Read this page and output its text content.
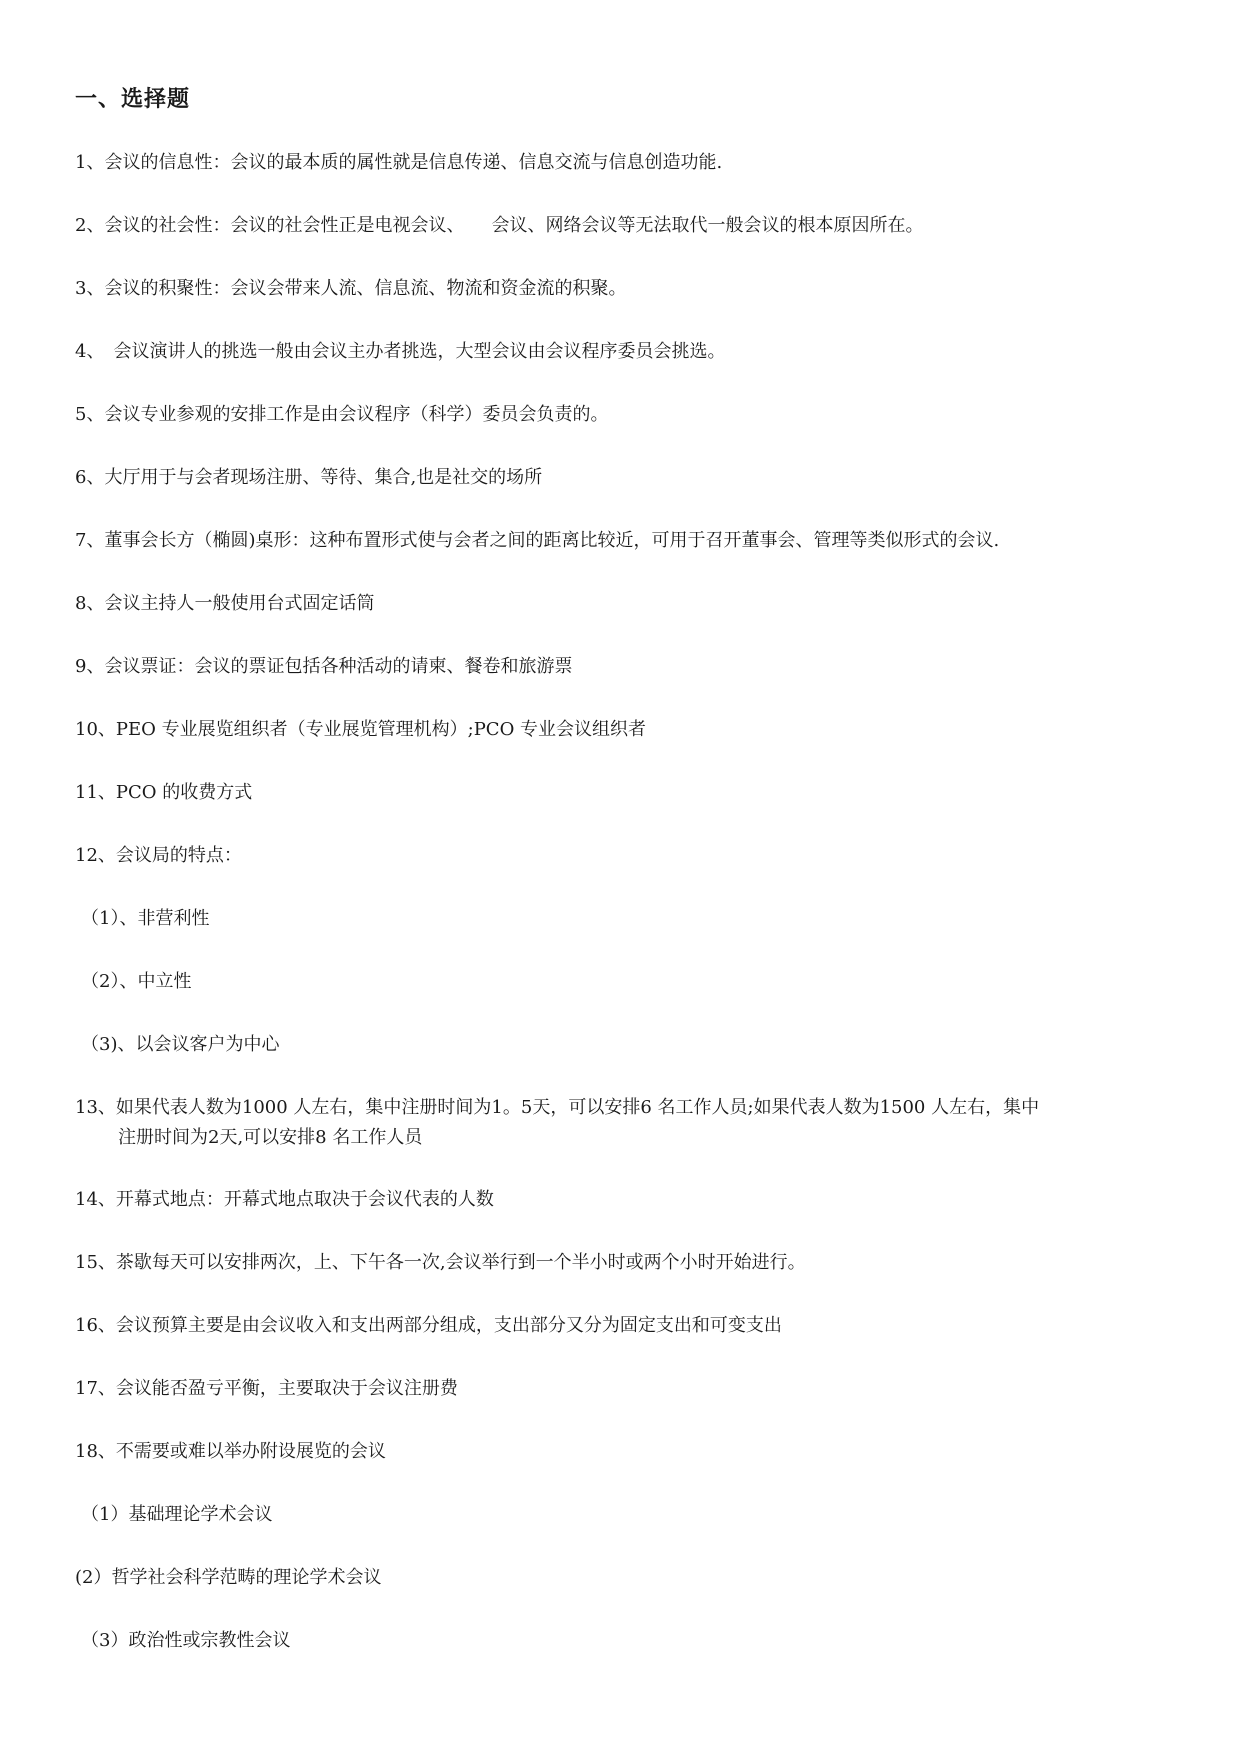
一、选择题
1、会议的信息性：会议的最本质的属性就是信息传递、信息交流与信息创造功能.
2、会议的社会性：会议的社会性正是电视会议、　　会议、网络会议等无法取代一般会议的根本原因所在。
3、会议的积聚性：会议会带来人流、信息流、物流和资金流的积聚。
4、　会议演讲人的挑选一般由会议主办者挑选，大型会议由会议程序委员会挑选。
5、会议专业参观的安排工作是由会议程序（科学）委员会负责的。
6、大厅用于与会者现场注册、等待、集合,也是社交的场所
7、董事会长方（椭圆)桌形：这种布置形式使与会者之间的距离比较近，可用于召开董事会、管理等类似形式的会议.
8、会议主持人一般使用台式固定话筒
9、会议票证：会议的票证包括各种活动的请柬、餐卷和旅游票
10、PEO 专业展览组织者（专业展览管理机构）;PCO 专业会议组织者
11、PCO 的收费方式
12、会议局的特点：
（1）、非营利性
（2）、中立性
（3)、以会议客户为中心
13、如果代表人数为1000 人左右，集中注册时间为1。5天，可以安排6 名工作人员;如果代表人数为1500 人左右，集中
注册时间为2天,可以安排8 名工作人员
14、开幕式地点：开幕式地点取决于会议代表的人数
15、茶歇每天可以安排两次，上、下午各一次,会议举行到一个半小时或两个小时开始进行。
16、会议预算主要是由会议收入和支出两部分组成，支出部分又分为固定支出和可变支出
17、会议能否盈亏平衡，主要取决于会议注册费
18、不需要或难以举办附设展览的会议
（1）基础理论学术会议
(2）哲学社会科学范畴的理论学术会议
（3）政治性或宗教性会议
